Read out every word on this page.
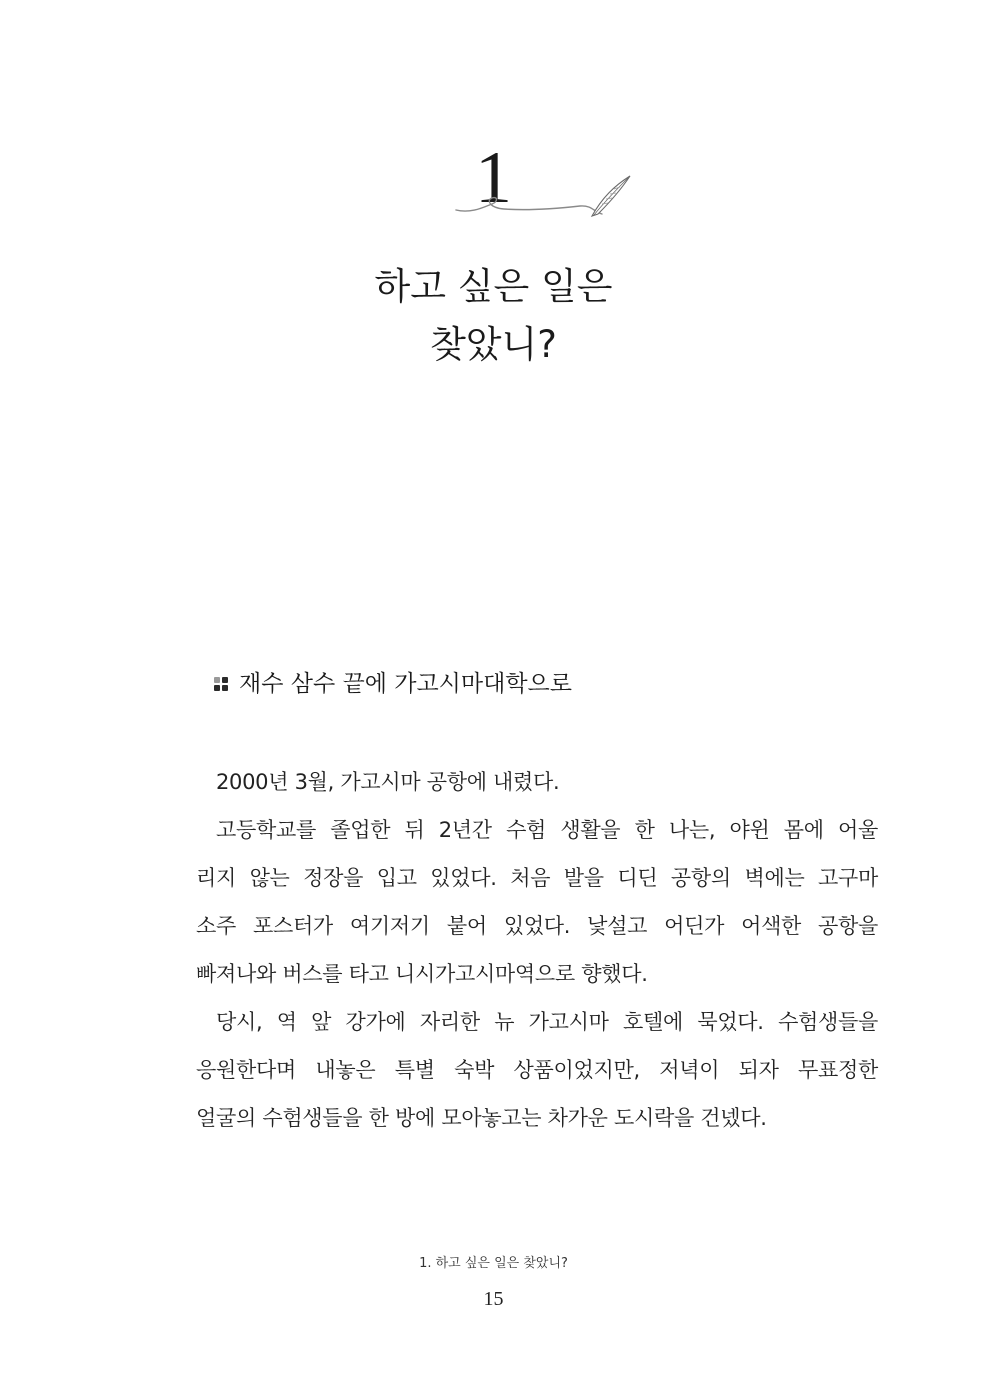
1
하고 싶은 일은
찾았니?
재수 삼수 끝에 가고시마대학으로

2000년 3월, 가고시마 공항에 내렸다.

고등학교를 졸업한 뒤 2년간 수험 생활을 한 나는, 야윈 몸에 어울
리지 않는 정장을 입고 있었다. 처음 발을 디딘 공항의 벽에는 고구마
소주 포스터가 여기저기 붙어 있었다. 낯설고 어딘가 어색한 공항을
빠져나와 버스를 타고 니시가고시마역으로 향했다.

당시, 역 앞 강가에 자리한 뉴 가고시마 호텔에 묵었다. 수험생들을
응원한다며 내놓은 특별 숙박 상품이었지만, 저녁이 되자 무표정한
얼굴의 수험생들을 한 방에 모아놓고는 차가운 도시락을 건넸다.

1. 하고 싶은 일은 찾았니?
15
